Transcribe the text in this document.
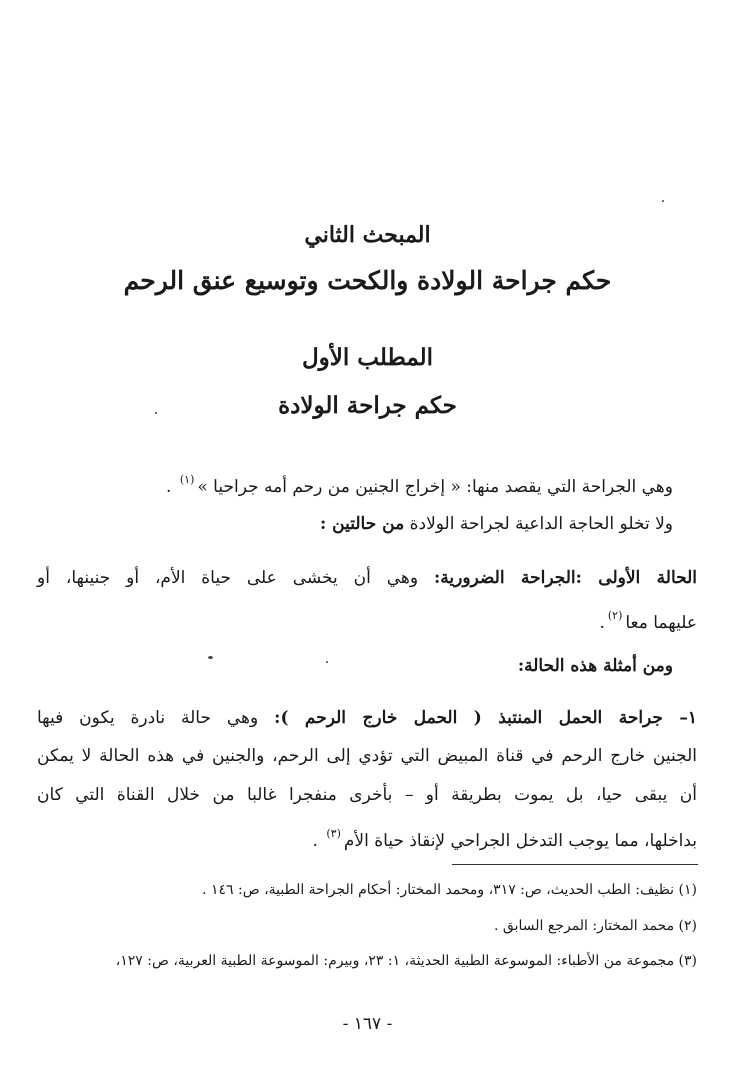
المبحث الثاني
حكم جراحة الولادة والكحت وتوسيع عنق الرحم
المطلب الأول
حكم جراحة الولادة
وهي الجراحة التي يقصد منها: « إخراج الجنين من رحم أمه جراحيا »$^{(١)}$ .
ولا تخلو الحاجة الداعية لجراحة الولادة من حالتين :
الحالة الأولى :الجراحة الضرورية: وهي أن يخشى على حياة الأم، أو جنينها، أو
عليهما معا$^{(٢)}$.
ومن أمثلة هذه الحالة:
١– جراحة الحمل المنتبذ ( الحمل خارج الرحم ): وهي حالة نادرة يكون فيها
الجنين خارج الرحم في قناة المبيض التي تؤدي إلى الرحم، والجنين في هذه الحالة لا يمكن
أن يبقى حيا، بل يموت بطريقة أو – بأخرى منفجرا غالبا من خلال القناة التي كان
بداخلها، مما يوجب التدخل الجراحي لإنقاذ حياة الأم$^{(٣)}$ .
(١) نظيف: الطب الحديث، ص: ٣١٧، ومحمد المختار: أحكام الجراحة الطبية، ص: ١٤٦ .
(٢) محمد المختار: المرجع السابق .
(٣) مجموعة من الأطباء: الموسوعة الطبية الحديثة، ١: ٢٣، وبيرم: الموسوعة الطبية العربية، ص: ١٢٧،
- ١٦٧ -
